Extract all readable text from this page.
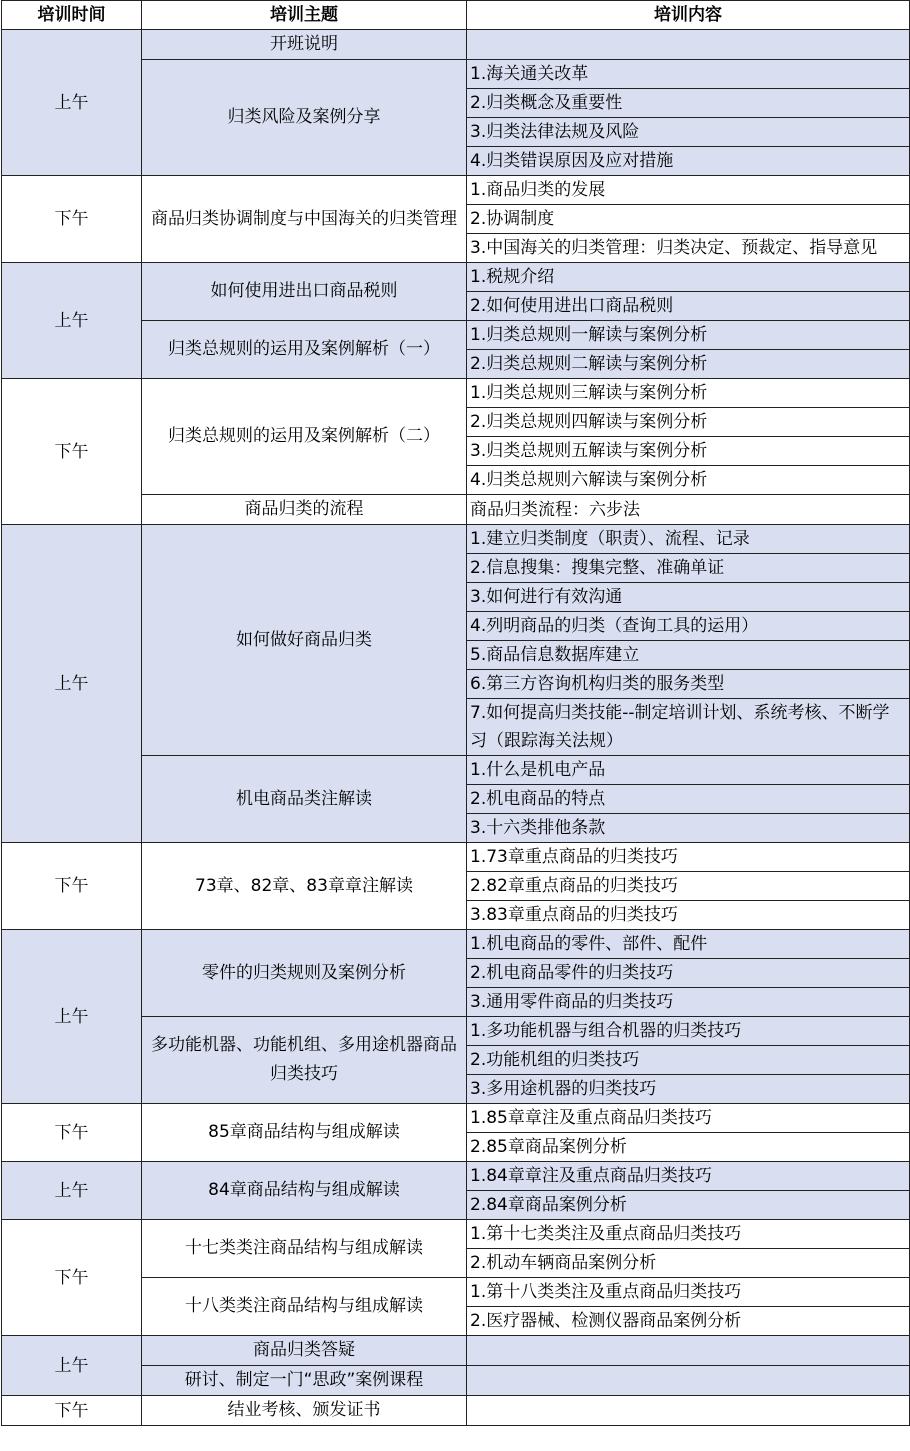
培训时间	培训主题	培训内容
上午	开班说明	
	归类风险及案例分享	1.海关通关改革
		2.归类概念及重要性
		3.归类法律法规及风险
		4.归类错误原因及应对措施
下午	商品归类协调制度与中国海关的归类管理	1.商品归类的发展
		2.协调制度
		3.中国海关的归类管理：归类决定、预裁定、指导意见
上午	如何使用进出口商品税则	1.税规介绍
		2.如何使用进出口商品税则
	归类总规则的运用及案例解析（一）	1.归类总规则一解读与案例分析
		2.归类总规则二解读与案例分析
下午	归类总规则的运用及案例解析（二）	1.归类总规则三解读与案例分析
		2.归类总规则四解读与案例分析
		3.归类总规则五解读与案例分析
		4.归类总规则六解读与案例分析
	商品归类的流程	商品归类流程：六步法
上午	如何做好商品归类	1.建立归类制度（职责）、流程、记录
		2.信息搜集：搜集完整、准确单证
		3.如何进行有效沟通
		4.列明商品的归类（查询工具的运用）
		5.商品信息数据库建立
		6.第三方咨询机构归类的服务类型
		7.如何提高归类技能--制定培训计划、系统考核、不断学习（跟踪海关法规）
	机电商品类注解读	1.什么是机电产品
		2.机电商品的特点
		3.十六类排他条款
下午	73章、82章、83章章注解读	1.73章重点商品的归类技巧
		2.82章重点商品的归类技巧
		3.83章重点商品的归类技巧
上午	零件的归类规则及案例分析	1.机电商品的零件、部件、配件
		2.机电商品零件的归类技巧
		3.通用零件商品的归类技巧
	多功能机器、功能机组、多用途机器商品归类技巧	1.多功能机器与组合机器的归类技巧
		2.功能机组的归类技巧
		3.多用途机器的归类技巧
下午	85章商品结构与组成解读	1.85章章注及重点商品归类技巧
		2.85章商品案例分析
上午	84章商品结构与组成解读	1.84章章注及重点商品归类技巧
		2.84章商品案例分析
下午	十七类类注商品结构与组成解读	1.第十七类类注及重点商品归类技巧
		2.机动车辆商品案例分析
	十八类类注商品结构与组成解读	1.第十八类类注及重点商品归类技巧
		2.医疗器械、检测仪器商品案例分析
上午	商品归类答疑	
	研讨、制定一门“思政”案例课程	
下午	结业考核、颁发证书	
